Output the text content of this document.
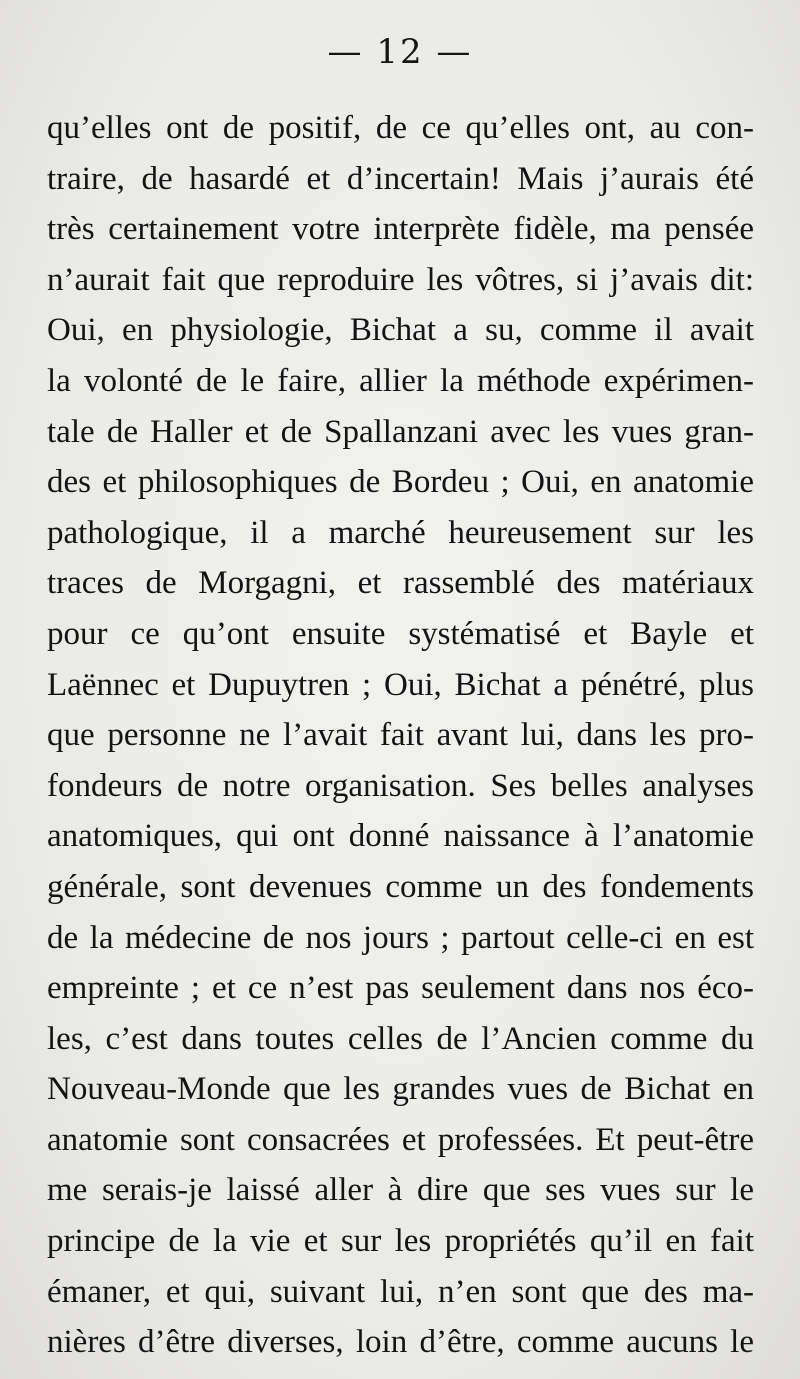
— 12 —
qu’elles ont de positif, de ce qu’elles ont, au con-
traire, de hasardé et d’incertain! Mais j’aurais été
très certainement votre interprète fidèle, ma pensée
n’aurait fait que reproduire les vôtres, si j’avais dit:
Oui, en physiologie, Bichat a su, comme il avait
la volonté de le faire, allier la méthode expérimen-
tale de Haller et de Spallanzani avec les vues gran-
des et philosophiques de Bordeu ; Oui, en anatomie
pathologique, il a marché heureusement sur les
traces de Morgagni, et rassemblé des matériaux
pour ce qu’ont ensuite systématisé et Bayle et
Laënnec et Dupuytren ; Oui, Bichat a pénétré, plus
que personne ne l’avait fait avant lui, dans les pro-
fondeurs de notre organisation. Ses belles analyses
anatomiques, qui ont donné naissance à l’anatomie
générale, sont devenues comme un des fondements
de la médecine de nos jours ; partout celle-ci en est
empreinte ; et ce n’est pas seulement dans nos éco-
les, c’est dans toutes celles de l’Ancien comme du
Nouveau-Monde que les grandes vues de Bichat en
anatomie sont consacrées et professées. Et peut-être
me serais-je laissé aller à dire que ses vues sur le
principe de la vie et sur les propriétés qu’il en fait
émaner, et qui, suivant lui, n’en sont que des ma-
nières d’être diverses, loin d’être, comme aucuns le
